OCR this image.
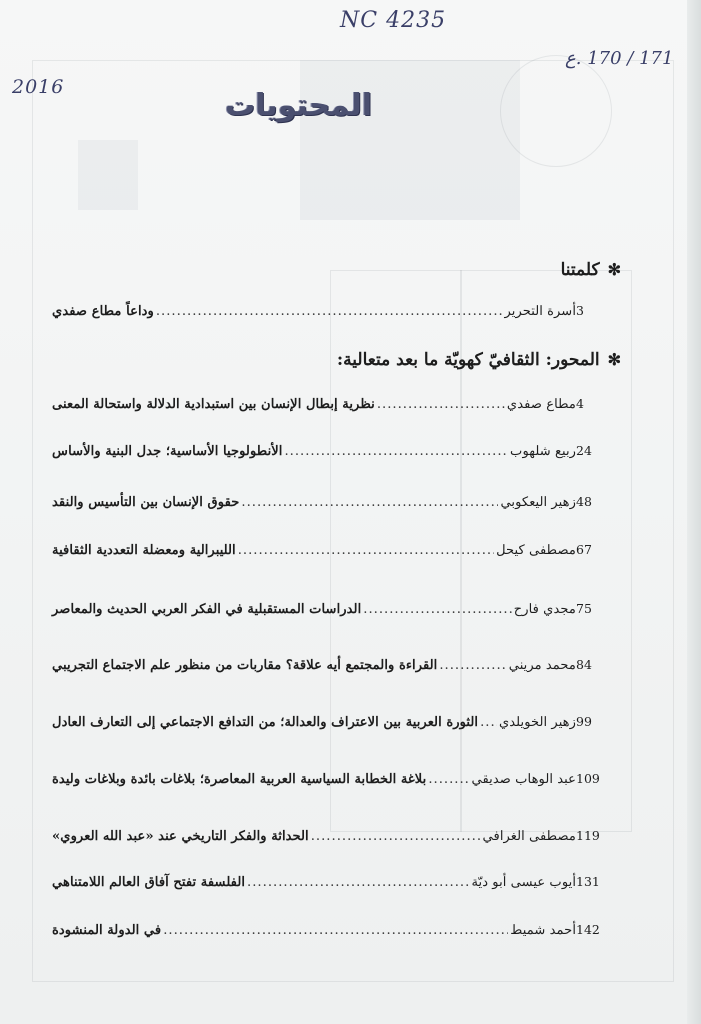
NC 4235
171 / 170 .ع
2016
المحتويات
✻كلمتنا
وداعاً مطاع صفدي .....	أسرة التحرير 3
✻المحور: الثقافيّ كهويّة ما بعد متعالية:
نظرية إبطال الإنسان بين استبدادية الدلالة واستحالة المعنى .....	مطاع صفدي 4
الأنطولوجيا الأساسية؛ جدل البنية والأساس .....	ربيع شلهوب 24
حقوق الإنسان بين التأسيس والنقد .....	زهير اليعكوبي 48
الليبرالية ومعضلة التعددية الثقافية .....	مصطفى كيحل 67
الدراسات المستقبلية في الفكر العربي الحديث والمعاصر .....	مجدي فارح 75
القراءة والمجتمع أيه علاقة؟ مقاربات من منظور علم الاجتماع التجريبي .....	محمد مريني 84
الثورة العربية بين الاعتراف والعدالة؛ من التدافع الاجتماعي إلى التعارف العادل ..... زهير الخويلدي 99
بلاغة الخطابة السياسية العربية المعاصرة؛ بلاغات بائدة وبلاغات وليدة .....	عبد الوهاب صديقي 109
الحداثة والفكر التاريخي عند «عبد الله العروي» .....	مصطفى الغرافي 119
الفلسفة تفتح آفاق العالم اللامتناهي .....	أيوب عيسى أبو ديّة 131
في الدولة المنشودة .....	أحمد شميط 142
